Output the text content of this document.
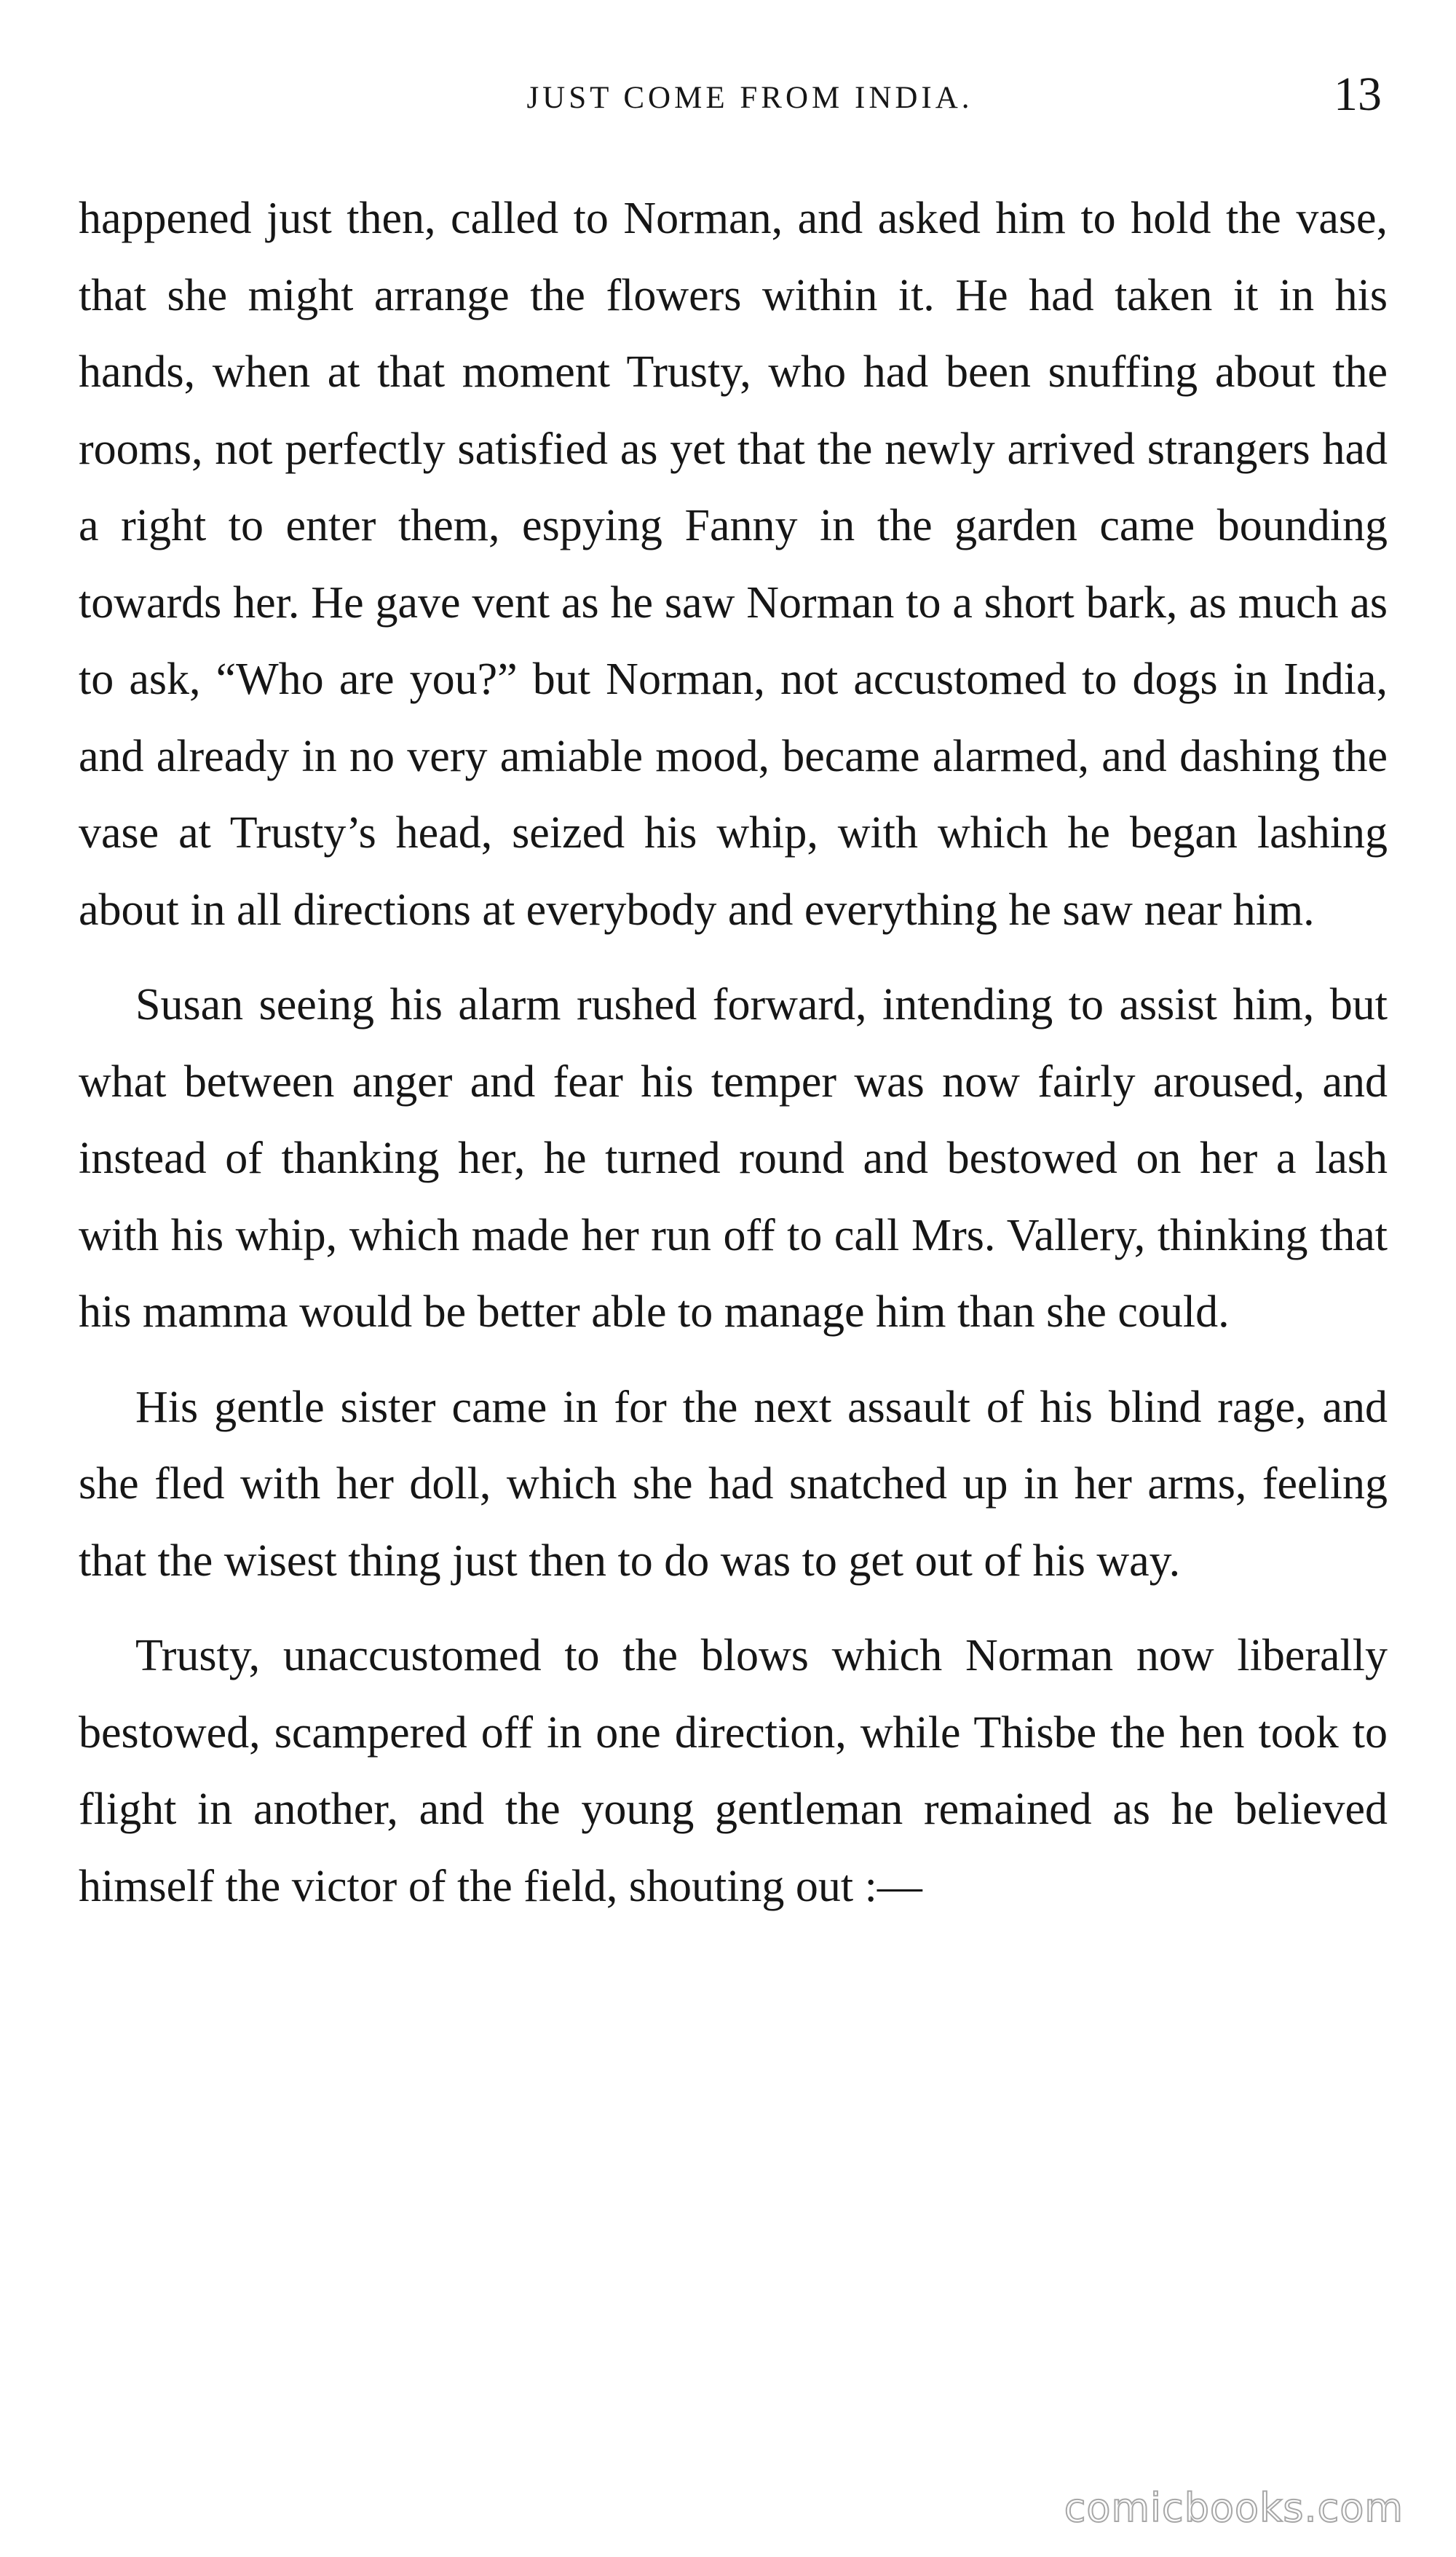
JUST COME FROM INDIA.	13

happened just then, called to Norman, and asked him to hold the vase, that she might arrange the flowers within it. He had taken it in his hands, when at that moment Trusty, who had been snuffing about the rooms, not perfectly satisfied as yet that the newly arrived strangers had a right to enter them, espying Fanny in the garden came bounding towards her. He gave vent as he saw Norman to a short bark, as much as to ask, “Who are you?” but Norman, not accustomed to dogs in India, and already in no very amiable mood, became alarmed, and dashing the vase at Trusty’s head, seized his whip, with which he began lashing about in all directions at everybody and everything he saw near him.

Susan seeing his alarm rushed forward, intending to assist him, but what between anger and fear his temper was now fairly aroused, and instead of thanking her, he turned round and bestowed on her a lash with his whip, which made her run off to call Mrs. Vallery, thinking that his mamma would be better able to manage him than she could.

His gentle sister came in for the next assault of his blind rage, and she fled with her doll, which she had snatched up in her arms, feeling that the wisest thing just then to do was to get out of his way.

Trusty, unaccustomed to the blows which Norman now liberally bestowed, scampered off in one direction, while Thisbe the hen took to flight in another, and the young gentleman remained as he believed himself the victor of the field, shouting out :—

comicbooks.com
